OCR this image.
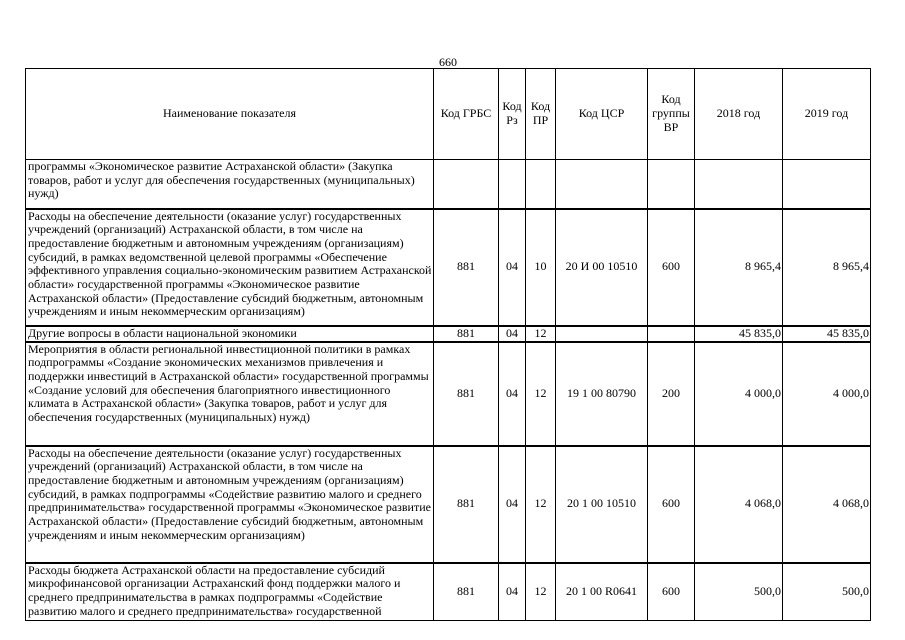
660
Наименование показателя	Код ГРБС	Код Рз	Код ПР	Код ЦСР	Код группы ВР	2018 год	2019 год
программы «Экономическое развитие Астраханской области» (Закупка товаров, работ и услуг для обеспечения государственных (муниципальных) нужд)							
Расходы на обеспечение деятельности (оказание услуг) государственных учреждений (организаций) Астраханской области, в том числе на предоставление бюджетным и автономным учреждениям (организациям) субсидий, в рамках ведомственной целевой программы «Обеспечение эффективного управления социально-экономическим развитием Астраханской области» государственной программы «Экономическое развитие Астраханской области» (Предоставление субсидий бюджетным, автономным учреждениям и иным некоммерческим организациям)	881	04	10	20 И 00 10510	600	8 965,4	8 965,4
Другие вопросы в области национальной экономики	881	04	12			45 835,0	45 835,0
Мероприятия в области региональной инвестиционной политики в рамках подпрограммы «Создание экономических механизмов привлечения и поддержки инвестиций в Астраханской области» государственной программы «Создание условий для обеспечения благоприятного инвестиционного климата в Астраханской области» (Закупка товаров, работ и услуг для обеспечения государственных (муниципальных) нужд)	881	04	12	19 1 00 80790	200	4 000,0	4 000,0
Расходы на обеспечение деятельности (оказание услуг) государственных учреждений (организаций) Астраханской области, в том числе на предоставление бюджетным и автономным учреждениям (организациям) субсидий, в рамках подпрограммы «Содействие развитию малого и среднего предпринимательства» государственной программы «Экономическое развитие Астраханской области» (Предоставление субсидий бюджетным, автономным учреждениям и иным некоммерческим организациям)	881	04	12	20 1 00 10510	600	4 068,0	4 068,0
Расходы бюджета Астраханской области на предоставление субсидий микрофинансовой организации Астраханский фонд поддержки малого и среднего предпринимательства в рамках подпрограммы «Содействие развитию малого и среднего предпринимательства» государственной	881	04	12	20 1 00 R0641	600	500,0	500,0
